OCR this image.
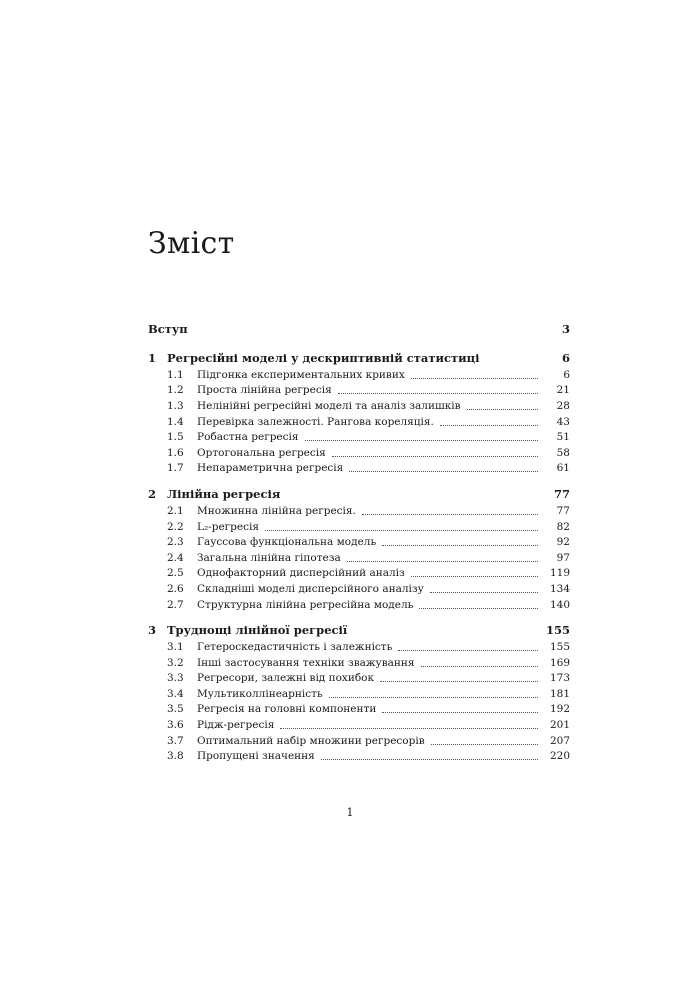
Зміст
Вступ	3
1 Регресійні моделі у дескриптивній статистиці	6
1.1	Підгонка експериментальних кривих	6
1.2	Проста лінійна регресія	21
1.3	Нелінійні регресійні моделі та аналіз залишків	28
1.4	Перевірка залежності. Рангова кореляція.	43
1.5	Робастна регресія	51
1.6	Ортогональна регресія	58
1.7	Непараметрична регресія	61
2 Лінійна регресія	77
2.1	Множинна лінійна регресія.	77
2.2	L₂-регресія	82
2.3	Гауссова функціональна модель	92
2.4	Загальна лінійна гіпотеза	97
2.5	Однофакторний дисперсійний аналіз	119
2.6	Складніші моделі дисперсійного аналізу	134
2.7	Структурна лінійна регресійна модель	140
3 Труднощі лінійної регресії	155
3.1	Гетероскедастичність і залежність	155
3.2	Інші застосування техніки зважування	169
3.3	Регресори, залежні від похибок	173
3.4	Мультиколлінеарність	181
3.5	Регресія на головні компоненти	192
3.6	Рідж-регресія	201
3.7	Оптимальний набір множини регресорів	207
3.8	Пропущені значення	220
1
